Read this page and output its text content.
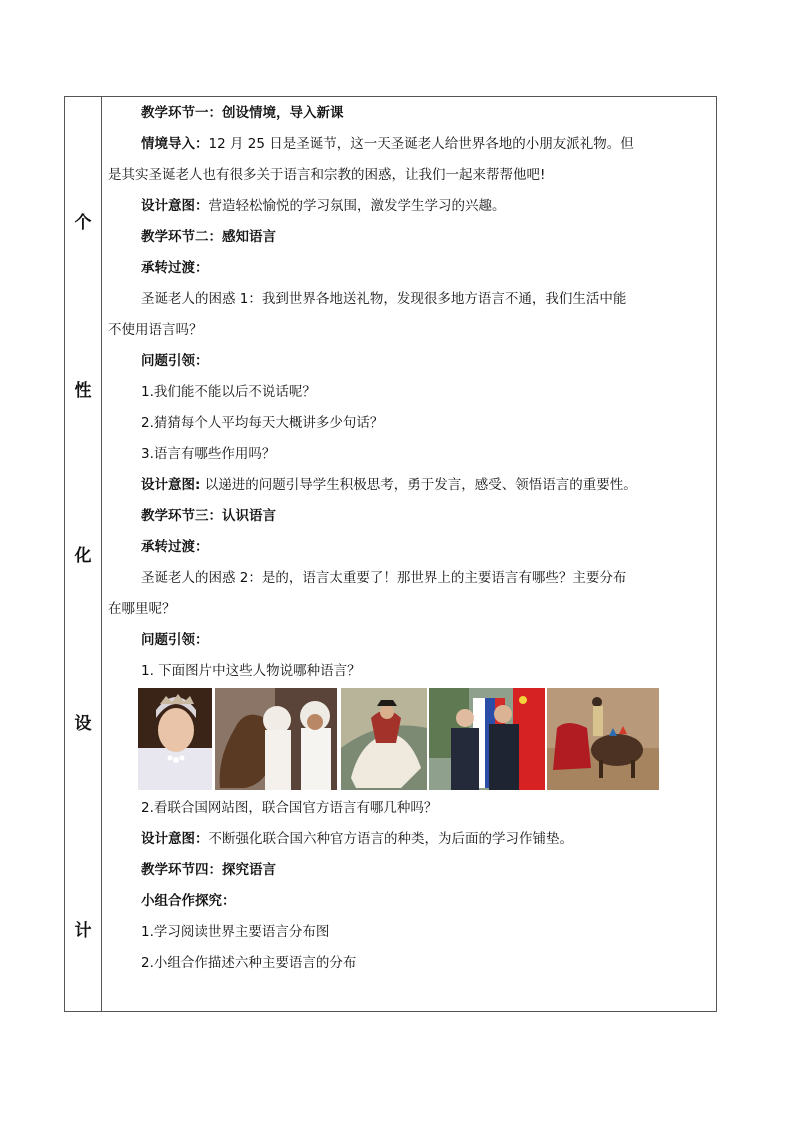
个
性
化
设
计
教学环节一：创设情境，导入新课
情境导入：12 月 25 日是圣诞节，这一天圣诞老人给世界各地的小朋友派礼物。但
是其实圣诞老人也有很多关于语言和宗教的困惑，让我们一起来帮帮他吧!
设计意图：营造轻松愉悦的学习氛围，激发学生学习的兴趣。
教学环节二：感知语言
承转过渡：
圣诞老人的困惑 1：我到世界各地送礼物，发现很多地方语言不通，我们生活中能
不使用语言吗？
问题引领：
1.我们能不能以后不说话呢？
2.猜猜每个人平均每天大概讲多少句话？
3.语言有哪些作用吗？
设计意图: 以递进的问题引导学生积极思考，勇于发言，感受、领悟语言的重要性。
教学环节三：认识语言
承转过渡：
圣诞老人的困惑 2：是的，语言太重要了！那世界上的主要语言有哪些？主要分布
在哪里呢？
问题引领：
1. 下面图片中这些人物说哪种语言？
2.看联合国网站图，联合国官方语言有哪几种吗？
设计意图：不断强化联合国六种官方语言的种类，为后面的学习作铺垫。
教学环节四：探究语言
小组合作探究：
1.学习阅读世界主要语言分布图
2.小组合作描述六种主要语言的分布
